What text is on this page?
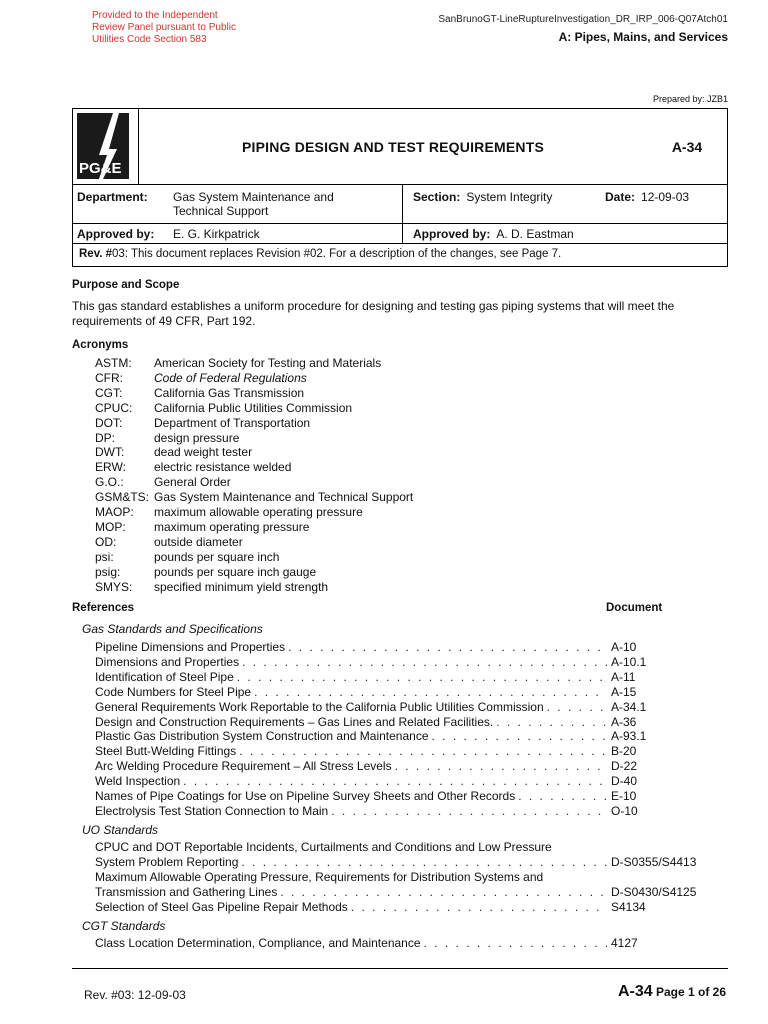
Provided to the Independent
Review Panel pursuant to Public
Utilities Code Section 583
SanBrunoGT-LineRuptureInvestigation_DR_IRP_006-Q07Atch01
A: Pipes, Mains, and Services
Prepared by: JZB1
PG&E
PIPING DESIGN AND TEST REQUIREMENTS	A-34
Department:	Gas System Maintenance and
Technical Support
Approved by:	E. G. Kirkpatrick
Section: System Integrity	Date: 12-09-03
Approved by: A. D. Eastman
Rev. #03: This document replaces Revision #02. For a description of the changes, see Page 7.
Purpose and Scope
This gas standard establishes a uniform procedure for designing and testing gas piping systems that will meet the
requirements of 49 CFR, Part 192.
Acronyms
ASTM:	American Society for Testing and Materials
CFR:	Code of Federal Regulations
CGT:	California Gas Transmission
CPUC:	California Public Utilities Commission
DOT:	Department of Transportation
DP:	design pressure
DWT:	dead weight tester
ERW:	electric resistance welded
G.O.:	General Order
GSM&TS: Gas System Maintenance and Technical Support
MAOP:	maximum allowable operating pressure
MOP:	maximum operating pressure
OD:	outside diameter
psi:	pounds per square inch
psig:	pounds per square inch gauge
SMYS:	specified minimum yield strength
References	Document
Gas Standards and Specifications
Pipeline Dimensions and Properties . . .	A-10
Dimensions and Properties . . .	A-10.1
Identification of Steel Pipe . . .	A-11
Code Numbers for Steel Pipe . . .	A-15
General Requirements Work Reportable to the California Public Utilities Commission . . .	A-34.1
Design and Construction Requirements – Gas Lines and Related Facilities. . . .	A-36
Plastic Gas Distribution System Construction and Maintenance . . .	A-93.1
Steel Butt-Welding Fittings . . .	B-20
Arc Welding Procedure Requirement – All Stress Levels . . .	D-22
Weld Inspection . . .	D-40
Names of Pipe Coatings for Use on Pipeline Survey Sheets and Other Records . . .	E-10
Electrolysis Test Station Connection to Main . . .	O-10
UO Standards
CPUC and DOT Reportable Incidents, Curtailments and Conditions and Low Pressure
System Problem Reporting . . .	D-S0355/S4413
Maximum Allowable Operating Pressure, Requirements for Distribution Systems and
Transmission and Gathering Lines . . .	D-S0430/S4125
Selection of Steel Gas Pipeline Repair Methods . . .	S4134
CGT Standards
Class Location Determination, Compliance, and Maintenance . . .	4127
Rev. #03: 12-09-03	A-34 Page 1 of 26
